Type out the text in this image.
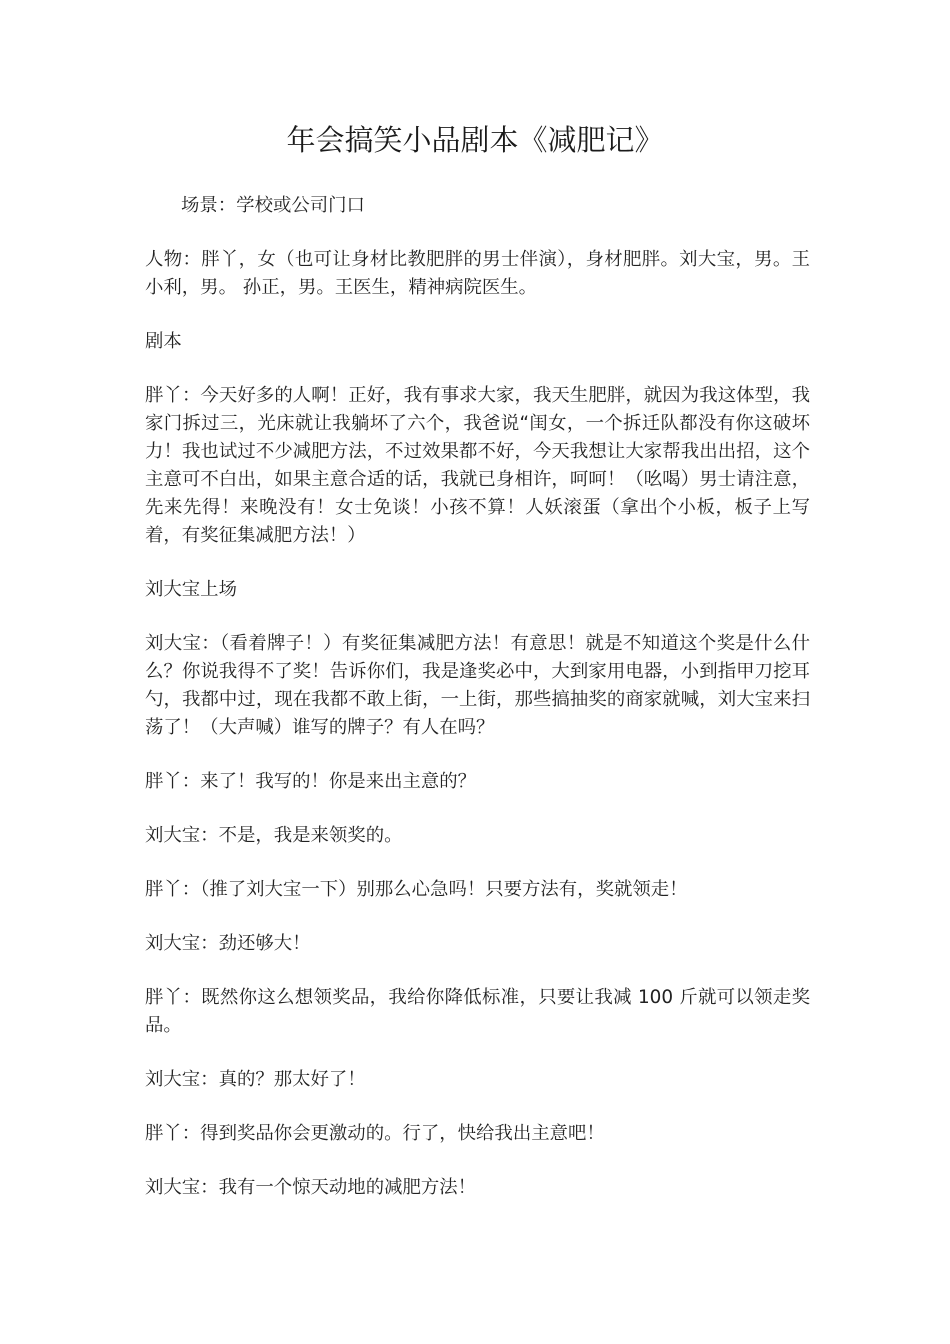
年会搞笑小品剧本《减肥记》

场景：学校或公司门口

人物：胖丫，女（也可让身材比教肥胖的男士伴演），身材肥胖。刘大宝，男。王小利，男。 孙正，男。王医生，精神病院医生。

剧本

胖丫：今天好多的人啊！正好，我有事求大家，我天生肥胖，就因为我这体型，我家门拆过三，光床就让我躺坏了六个，我爸说“闺女，一个拆迁队都没有你这破坏力！我也试过不少减肥方法，不过效果都不好，今天我想让大家帮我出出招，这个主意可不白出，如果主意合适的话，我就已身相许，呵呵！（吆喝）男士请注意，先来先得！来晚没有！女士免谈！小孩不算！人妖滚蛋（拿出个小板，板子上写着，有奖征集减肥方法！）

刘大宝上场

刘大宝：（看着牌子！）有奖征集减肥方法！有意思！就是不知道这个奖是什么什么？你说我得不了奖！告诉你们，我是逢奖必中，大到家用电器，小到指甲刀挖耳勺，我都中过，现在我都不敢上街，一上街，那些搞抽奖的商家就喊，刘大宝来扫荡了！（大声喊）谁写的牌子？有人在吗？

胖丫：来了！我写的！你是来出主意的？

刘大宝：不是，我是来领奖的。

胖丫：（推了刘大宝一下）别那么心急吗！只要方法有，奖就领走！

刘大宝：劲还够大！

胖丫：既然你这么想领奖品，我给你降低标准，只要让我减 100 斤就可以领走奖品。

刘大宝：真的？那太好了！

胖丫：得到奖品你会更激动的。行了，快给我出主意吧！

刘大宝：我有一个惊天动地的减肥方法！
